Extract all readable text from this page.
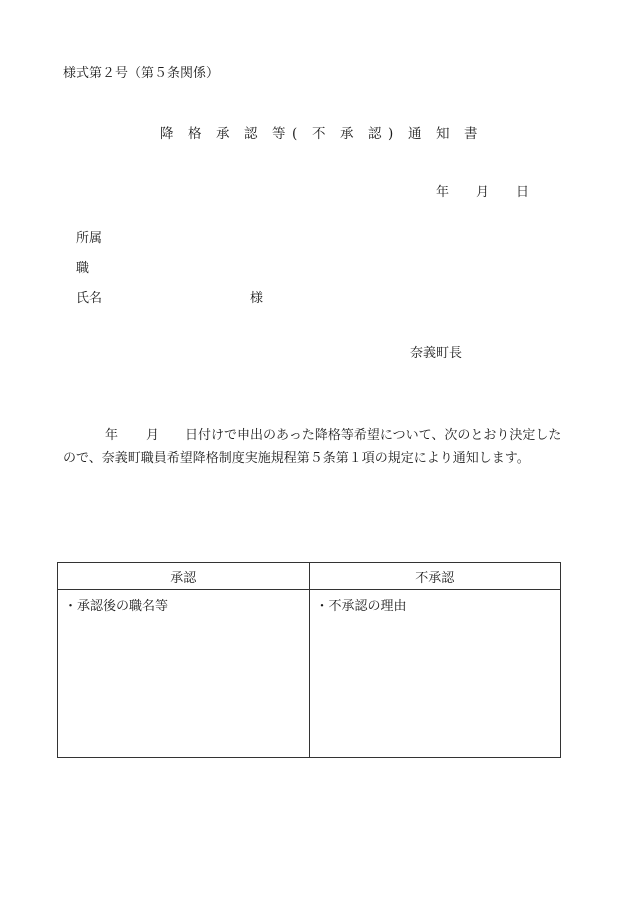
様式第２号（第５条関係）
降 格 承 認 等 ( 不 承 認 ) 通 知 書
年 月 日
所属
職
氏名	様
奈義町長
年 月 日付けで申出のあった降格等希望について、次のとおり決定したので、奈義町職員希望降格制度実施規程第５条第１項の規定により通知します。
承認	不承認
・承認後の職名等	・不承認の理由
